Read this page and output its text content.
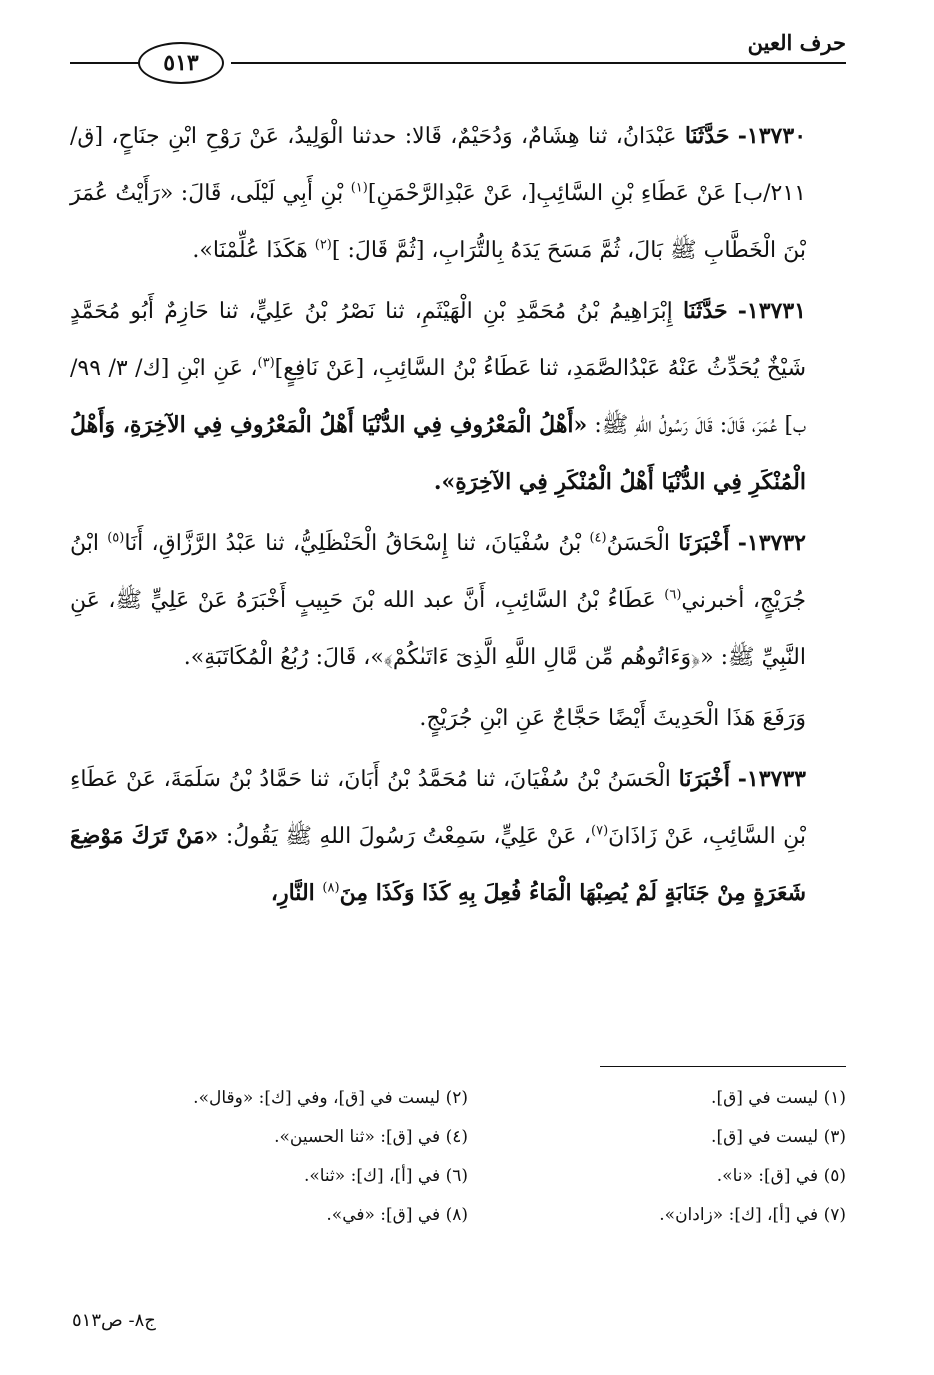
٥١٣
حرف العين

١٣٧٣٠- حَدَّثَنَا عَبْدَانُ، ثنا هِشَامٌ، وَدُحَيْمٌ، قَالا: حدثنا الْوَلِيدُ، عَنْ رَوْحِ ابْنِ جنَاحٍ، [ق/ ٢١١/ب] عَنْ عَطَاءِ بْنِ السَّائِبِ[، عَنْ عَبْدِالرَّحْمَنِ]$^{(١)}$ بْنِ أَبِي لَيْلَى، قَالَ: «رَأَيْتُ عُمَرَ بْنَ الْخَطَّابِ ﷺ بَالَ، ثُمَّ مَسَحَ يَدَهُ بِالتُّرَابِ، [ثُمَّ قَالَ: ]$^{(٢)}$ هَكَذَا عُلِّمْنَا».

١٣٧٣١- حَدَّثَنَا إِبْرَاهِيمُ بْنُ مُحَمَّدِ بْنِ الْهَيْثَمِ، ثنا نَصْرُ بْنُ عَلِيٍّ، ثنا حَازِمٌ أَبُو مُحَمَّدٍ شَيْخٌ يُحَدِّثُ عَنْهُ عَبْدُالصَّمَدِ، ثنا عَطَاءُ بْنُ السَّائِبِ، [عَنْ نَافِعٍ]$^{(٣)}$، عَنِ ابْنِ [ك/ ٣/ ٩٩/ب] عُمَرَ، قَالَ: قَالَ رَسُولُ اللهِ ﷺ: «أَهْلُ الْمَعْرُوفِ فِي الدُّنْيَا أَهْلُ الْمَعْرُوفِ فِي الآخِرَةِ، وَأَهْلُ الْمُنْكَرِ فِي الدُّنْيَا أَهْلُ الْمُنْكَرِ فِي الآخِرَةِ».

١٣٧٣٢- أَخْبَرَنَا الْحَسَنُ$^{(٤)}$ بْنُ سُفْيَانَ، ثنا إِسْحَاقُ الْحَنْظَلِيُّ، ثنا عَبْدُ الرَّزَّاقِ، أَنَا$^{(٥)}$ ابْنُ جُرَيْجٍ، أخبرني$^{(٦)}$ عَطَاءُ بْنُ السَّائِبِ، أَنَّ عبد الله بْنَ حَبِيبٍ أَخْبَرَهُ عَنْ عَلِيٍّ ﷺ، عَنِ النَّبِيِّ ﷺ: «﴿وَءَاتُوهُم مِّن مَّالِ اللَّهِ الَّذِىٓ ءَاتَىٰكُمْ﴾»، قَالَ: رُبُعُ الْمُكَاتَبَةِ».

وَرَفَعَ هَذَا الْحَدِيثَ أَيْضًا حَجَّاجٌ عَنِ ابْنِ جُرَيْجٍ.

١٣٧٣٣- أَخْبَرَنَا الْحَسَنُ بْنُ سُفْيَانَ، ثنا مُحَمَّدُ بْنُ أَبَانَ، ثنا حَمَّادُ بْنُ سَلَمَةَ، عَنْ عَطَاءِ بْنِ السَّائِبِ، عَنْ زَاذَانَ$^{(٧)}$، عَنْ عَلِيٍّ، سَمِعْتُ رَسُولَ اللهِ ﷺ يَقُولُ: «مَنْ تَرَكَ مَوْضِعَ شَعَرَةٍ مِنْ جَنَابَةٍ لَمْ يُصِبْهَا الْمَاءُ فُعِلَ بِهِ كَذَا وَكَذَا مِنَ$^{(٨)}$ النَّارِ،

(١) ليست في [ق].
(٢) ليست في [ق]، وفي [ك]: «وقال».
(٣) ليست في [ق].
(٤) في [ق]: «ثنا الحسين».
(٥) في [ق]: «نا».
(٦) في [أ]، [ك]: «ثنا».
(٧) في [أ]، [ك]: «زادان».
(٨) في [ق]: «في».
ج٨- ص٥١٣
